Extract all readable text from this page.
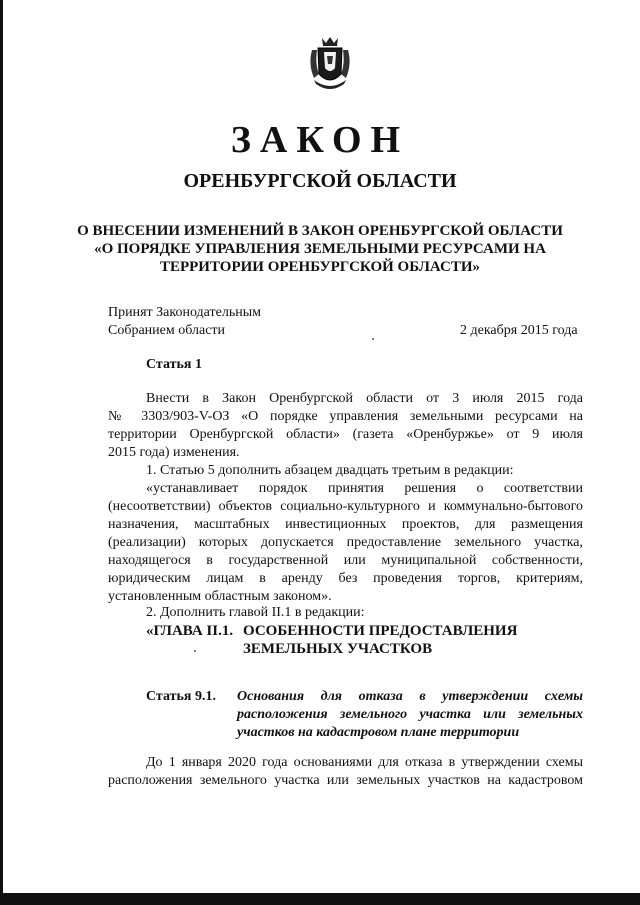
ЗАКОН
ОРЕНБУРГСКОЙ ОБЛАСТИ
О ВНЕСЕНИИ ИЗМЕНЕНИЙ В ЗАКОН ОРЕНБУРГСКОЙ ОБЛАСТИ
«О ПОРЯДКЕ УПРАВЛЕНИЯ ЗЕМЕЛЬНЫМИ РЕСУРСАМИ НА
ТЕРРИТОРИИ ОРЕНБУРГСКОЙ ОБЛАСТИ»
Принят Законодательным
Собранием области	2 декабря 2015 года
Статья 1
Внести в Закон Оренбургской области от 3 июля 2015 года
№ 3303/903-V-ОЗ «О порядке управления земельными ресурсами на
территории Оренбургской области» (газета «Оренбуржье» от 9 июля
2015 года) изменения.
1. Статью 5 дополнить абзацем двадцать третьим в редакции:
«устанавливает порядок принятия решения о соответствии
(несоответствии) объектов социально-культурного и коммунально-бытового
назначения, масштабных инвестиционных проектов, для размещения
(реализации) которых допускается предоставление земельного участка,
находящегося в государственной или муниципальной собственности,
юридическим лицам в аренду без проведения торгов, критериям,
установленным областным законом».
2. Дополнить главой II.1 в редакции:
«ГЛАВА II.1. ОСОБЕННОСТИ ПРЕДОСТАВЛЕНИЯ
ЗЕМЕЛЬНЫХ УЧАСТКОВ
Статья 9.1. Основания для отказа в утверждении схемы
расположения земельного участка или земельных
участков на кадастровом плане территории
До 1 января 2020 года основаниями для отказа в утверждении схемы
расположения земельного участка или земельных участков на кадастровом
